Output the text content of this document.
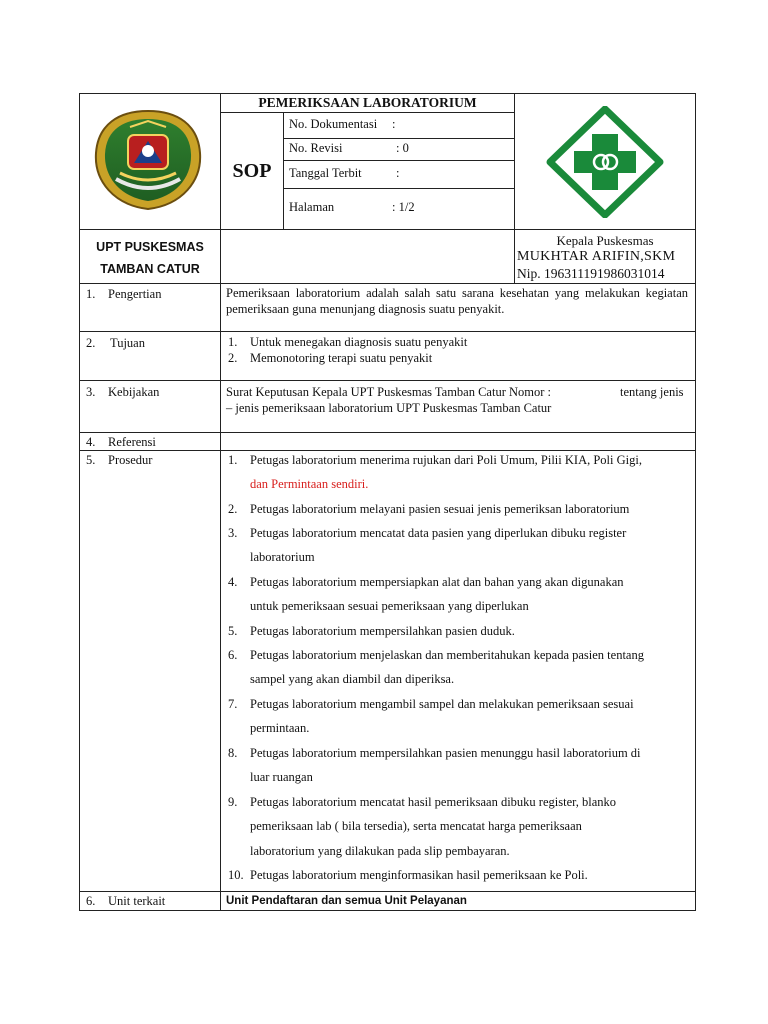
PEMERIKSAAN LABORATORIUM
SOP
No. Dokumentasi :
No. Revisi	: 0
Tanggal Terbit	:
Halaman	: 1/2
UPT PUSKESMAS
TAMBAN CATUR
Kepala Puskesmas
MUKHTAR ARIFIN,SKM
Nip. 196311191986031014
1. Pengertian	Pemeriksaan laboratorium adalah salah satu sarana kesehatan yang melakukan kegiatan pemeriksaan guna menunjang diagnosis suatu penyakit.
2. Tujuan	1. Untuk menegakan diagnosis suatu penyakit
2. Memonotoring terapi suatu penyakit
3. Kebijakan	Surat Keputusan Kepala UPT Puskesmas Tamban Catur Nomor :	tentang jenis
– jenis pemeriksaan laboratorium UPT Puskesmas Tamban Catur
4. Referensi
5. Prosedur	1. Petugas laboratorium menerima rujukan dari Poli Umum, Pilii KIA, Poli Gigi,
dan Permintaan sendiri.
2. Petugas laboratorium melayani pasien sesuai jenis pemeriksan laboratorium
3. Petugas laboratorium mencatat data pasien yang diperlukan dibuku register
laboratorium
4. Petugas laboratorium mempersiapkan alat dan bahan yang akan digunakan
untuk pemeriksaan sesuai pemeriksaan yang diperlukan
5. Petugas laboratorium mempersilahkan pasien duduk.
6. Petugas laboratorium menjelaskan dan memberitahukan kepada pasien tentang
sampel yang akan diambil dan diperiksa.
7. Petugas laboratorium mengambil sampel dan melakukan pemeriksaan sesuai
permintaan.
8. Petugas laboratorium mempersilahkan pasien menunggu hasil laboratorium di
luar ruangan
9. Petugas laboratorium mencatat hasil pemeriksaan dibuku register, blanko
pemeriksaan lab ( bila tersedia), serta mencatat harga pemeriksaan
laboratorium yang dilakukan pada slip pembayaran.
10. Petugas laboratorium menginformasikan hasil pemeriksaan ke Poli.
6. Unit terkait	Unit Pendaftaran dan semua Unit Pelayanan
